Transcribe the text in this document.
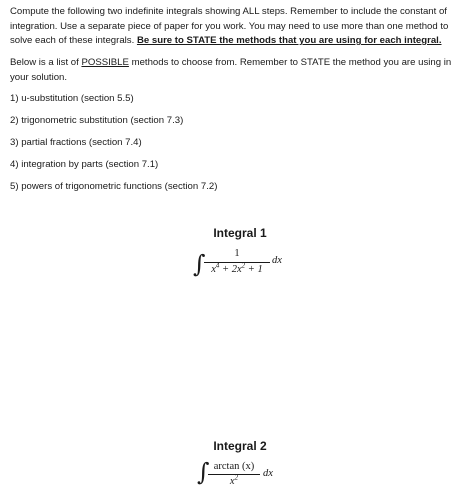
Compute the following two indefinite integrals showing ALL steps. Remember to include the constant of integration. Use a separate piece of paper for you work. You may need to use more than one method to solve each of these integrals. Be sure to STATE the methods that you are using for each integral.
Below is a list of POSSIBLE methods to choose from. Remember to STATE the method you are using in your solution.
1) u-substitution (section 5.5)
2) trigonometric substitution (section 7.3)
3) partial fractions (section 7.4)
4) integration by parts (section 7.1)
5) powers of trigonometric functions (section 7.2)
Integral 1
∫	1
$x^4 + 2x^2 + 1$
dx
Integral 2
∫ arctan (x)
$x^2$	dx
